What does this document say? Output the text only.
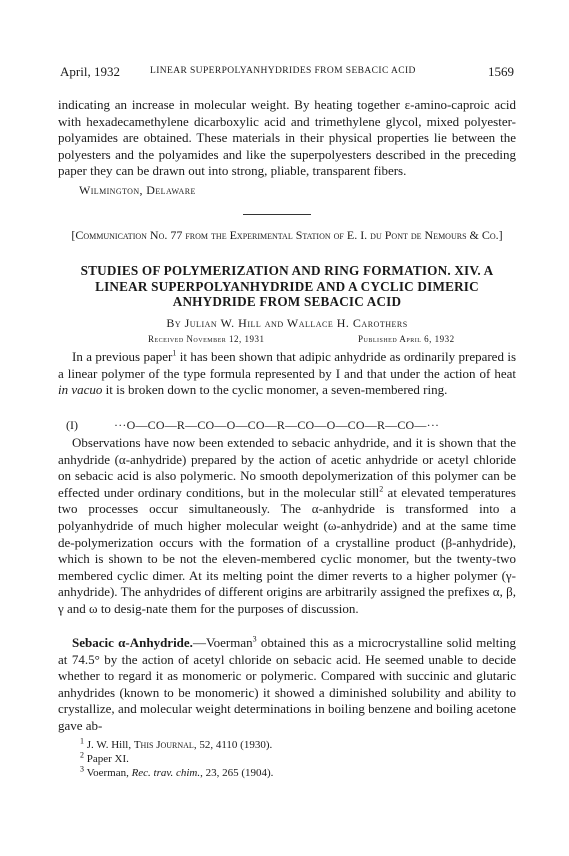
April, 1932	LINEAR SUPERPOLYANHYDRIDES FROM SEBACIC ACID	1569
indicating an increase in molecular weight. By heating together ε-amino-caproic acid with hexadecamethylene dicarboxylic acid and trimethylene glycol, mixed polyester-polyamides are obtained. These materials in their physical properties lie between the polyesters and the polyamides and like the superpolyesters described in the preceding paper they can be drawn out into strong, pliable, transparent fibers.
Wilmington, Delaware
[Communication No. 77 from the Experimental Station of E. I. du Pont de Nemours & Co.]
STUDIES OF POLYMERIZATION AND RING FORMATION. XIV. A LINEAR SUPERPOLYANHYDRIDE AND A CYCLIC DIMERIC ANHYDRIDE FROM SEBACIC ACID
By Julian W. Hill and Wallace H. Carothers
Received November 12, 1931	Published April 6, 1932
In a previous paper$^1$ it has been shown that adipic anhydride as ordinarily prepared is a linear polymer of the type formula represented by I and that under the action of heat in vacuo it is broken down to the cyclic monomer, a seven-membered ring.
(I)	···O—CO—R—CO—O—CO—R—CO—O—CO—R—CO—···
Observations have now been extended to sebacic anhydride, and it is shown that the anhydride (α-anhydride) prepared by the action of acetic anhydride or acetyl chloride on sebacic acid is also polymeric. No smooth depolymerization of this polymer can be effected under ordinary conditions, but in the molecular still$^2$ at elevated temperatures two processes occur simultaneously. The α-anhydride is transformed into a polyanhydride of much higher molecular weight (ω-anhydride) and at the same time de-polymerization occurs with the formation of a crystalline product (β-anhydride), which is shown to be not the eleven-membered cyclic monomer, but the twenty-two membered cyclic dimer. At its melting point the dimer reverts to a higher polymer (γ-anhydride). The anhydrides of different origins are arbitrarily assigned the prefixes α, β, γ and ω to desig-nate them for the purposes of discussion.
Sebacic α-Anhydride.—Voerman$^3$ obtained this as a microcrystalline solid melting at 74.5° by the action of acetyl chloride on sebacic acid. He seemed unable to decide whether to regard it as monomeric or polymeric. Compared with succinic and glutaric anhydrides (known to be monomeric) it showed a diminished solubility and ability to crystallize, and molecular weight determinations in boiling benzene and boiling acetone gave ab-
$^1$ J. W. Hill, This Journal, 52, 4110 (1930).
$^2$ Paper XI.
$^3$ Voerman, Rec. trav. chim., 23, 265 (1904).
